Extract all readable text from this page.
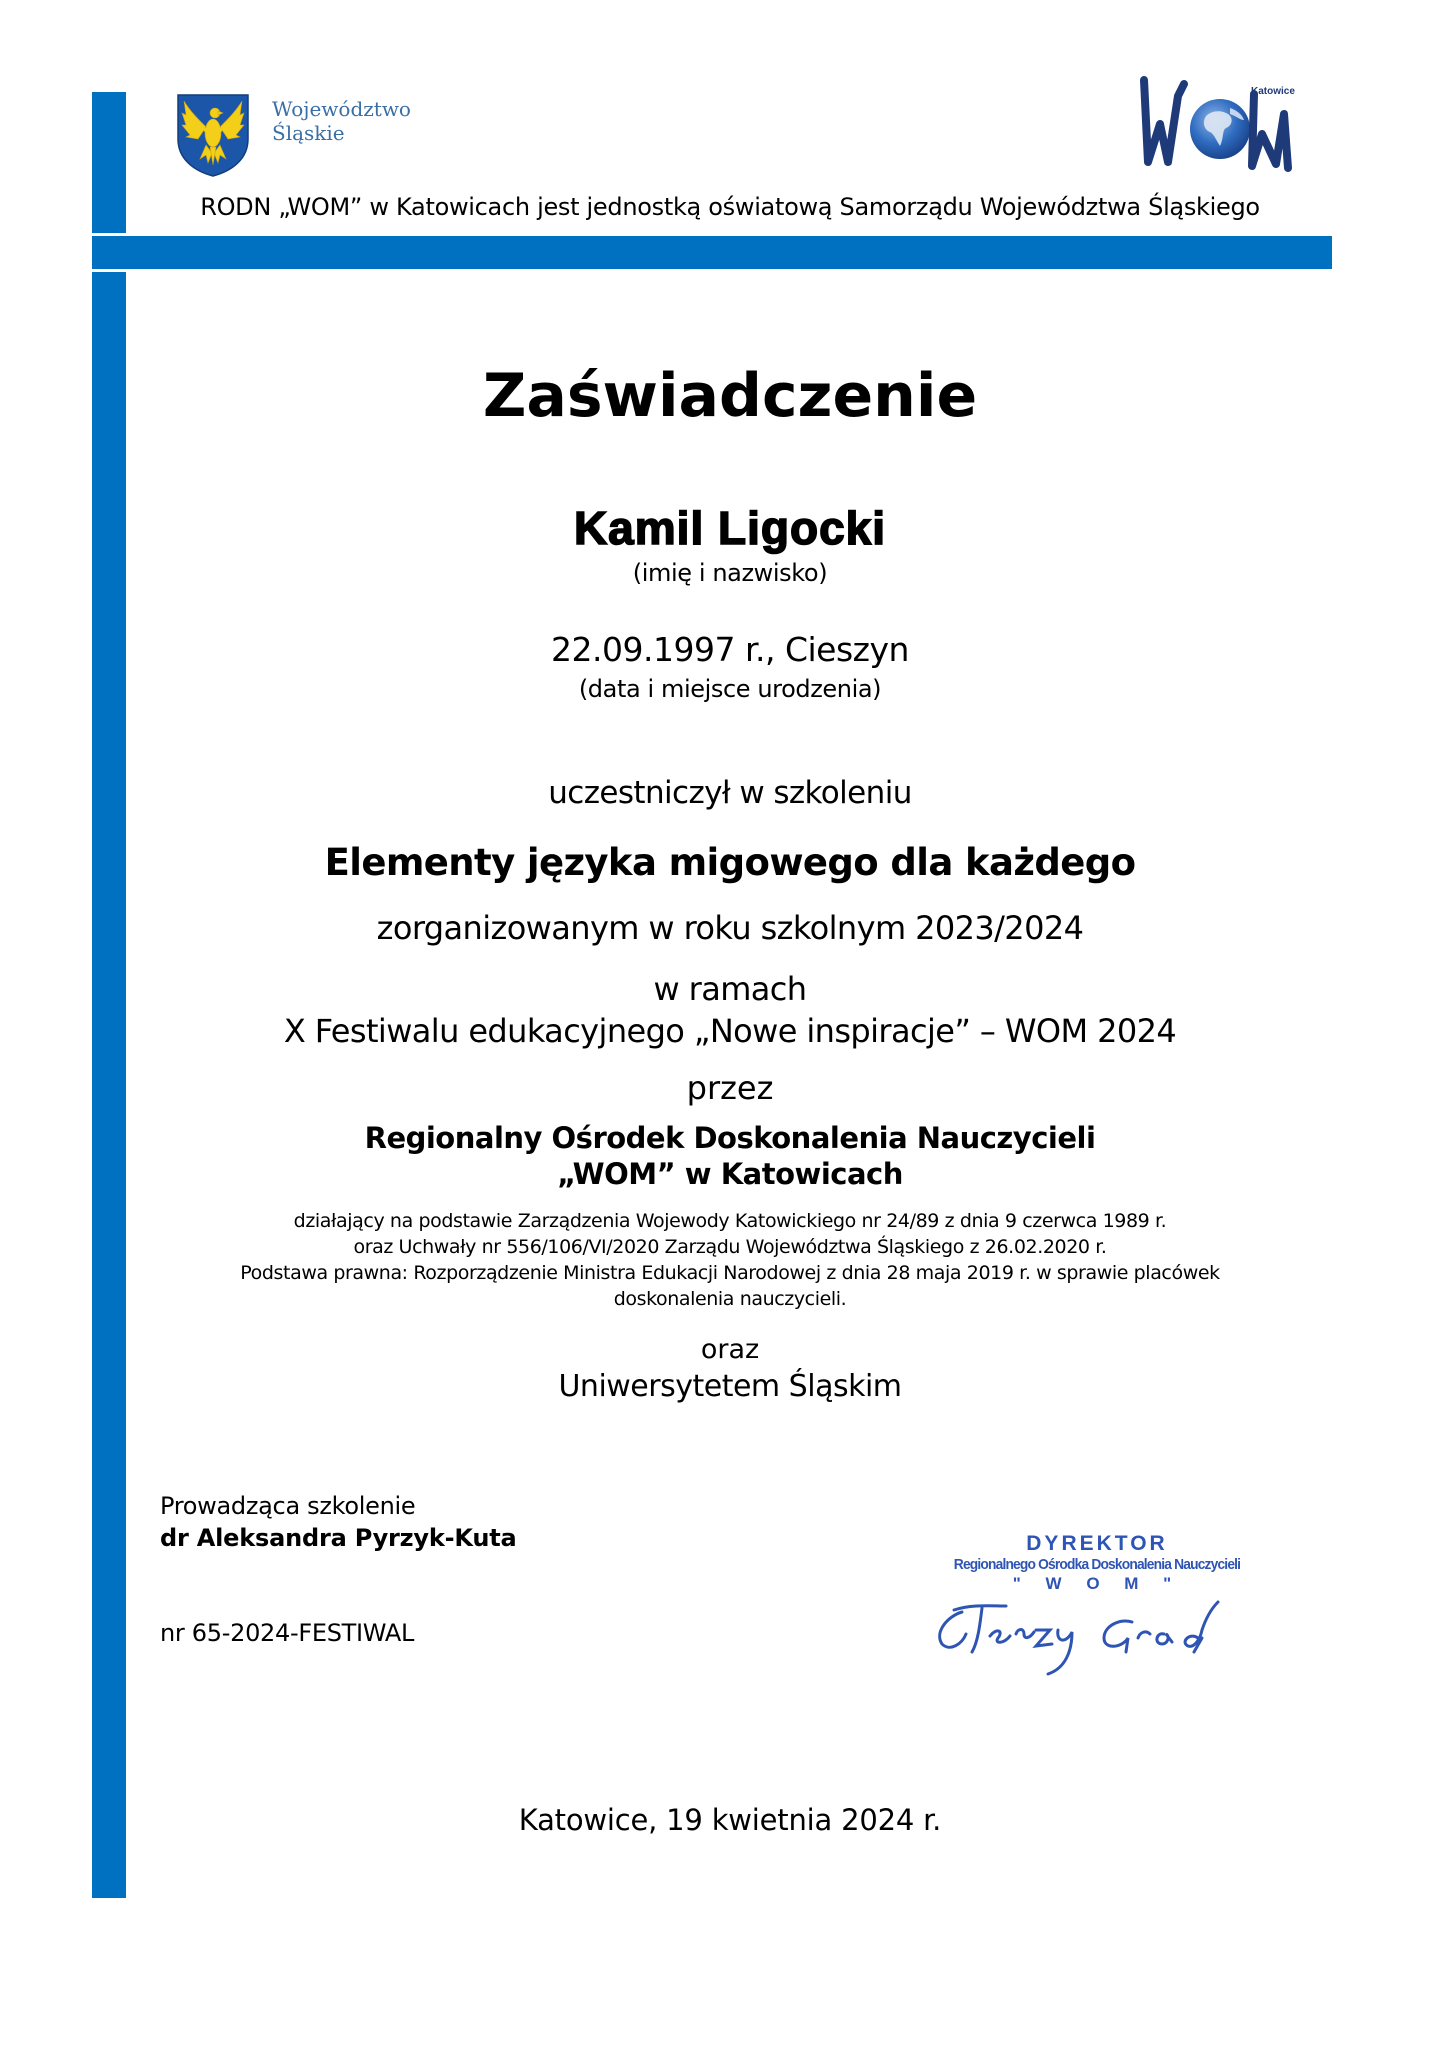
Województwo
Śląskie
Katowice
RODN „WOM” w Katowicach jest jednostką oświatową Samorządu Województwa Śląskiego
Zaświadczenie
Kamil Ligocki
(imię i nazwisko)
22.09.1997 r., Cieszyn
(data i miejsce urodzenia)
uczestniczył w szkoleniu
Elementy języka migowego dla każdego
zorganizowanym w roku szkolnym 2023/2024
w ramach
X Festiwalu edukacyjnego „Nowe inspiracje” – WOM 2024
przez
Regionalny Ośrodek Doskonalenia Nauczycieli
„WOM” w Katowicach
działający na podstawie Zarządzenia Wojewody Katowickiego nr 24/89 z dnia 9 czerwca 1989 r.
oraz Uchwały nr 556/106/VI/2020 Zarządu Województwa Śląskiego z 26.02.2020 r.
Podstawa prawna: Rozporządzenie Ministra Edukacji Narodowej z dnia 28 maja 2019 r. w sprawie placówek
doskonalenia nauczycieli.
oraz
Uniwersytetem Śląskim
Prowadząca szkolenie
dr Aleksandra Pyrzyk-Kuta
nr 65-2024-FESTIWAL
DYREKTOR
Regionalnego Ośrodka Doskonalenia Nauczycieli
" W O M "
Katowice, 19 kwietnia 2024 r.
